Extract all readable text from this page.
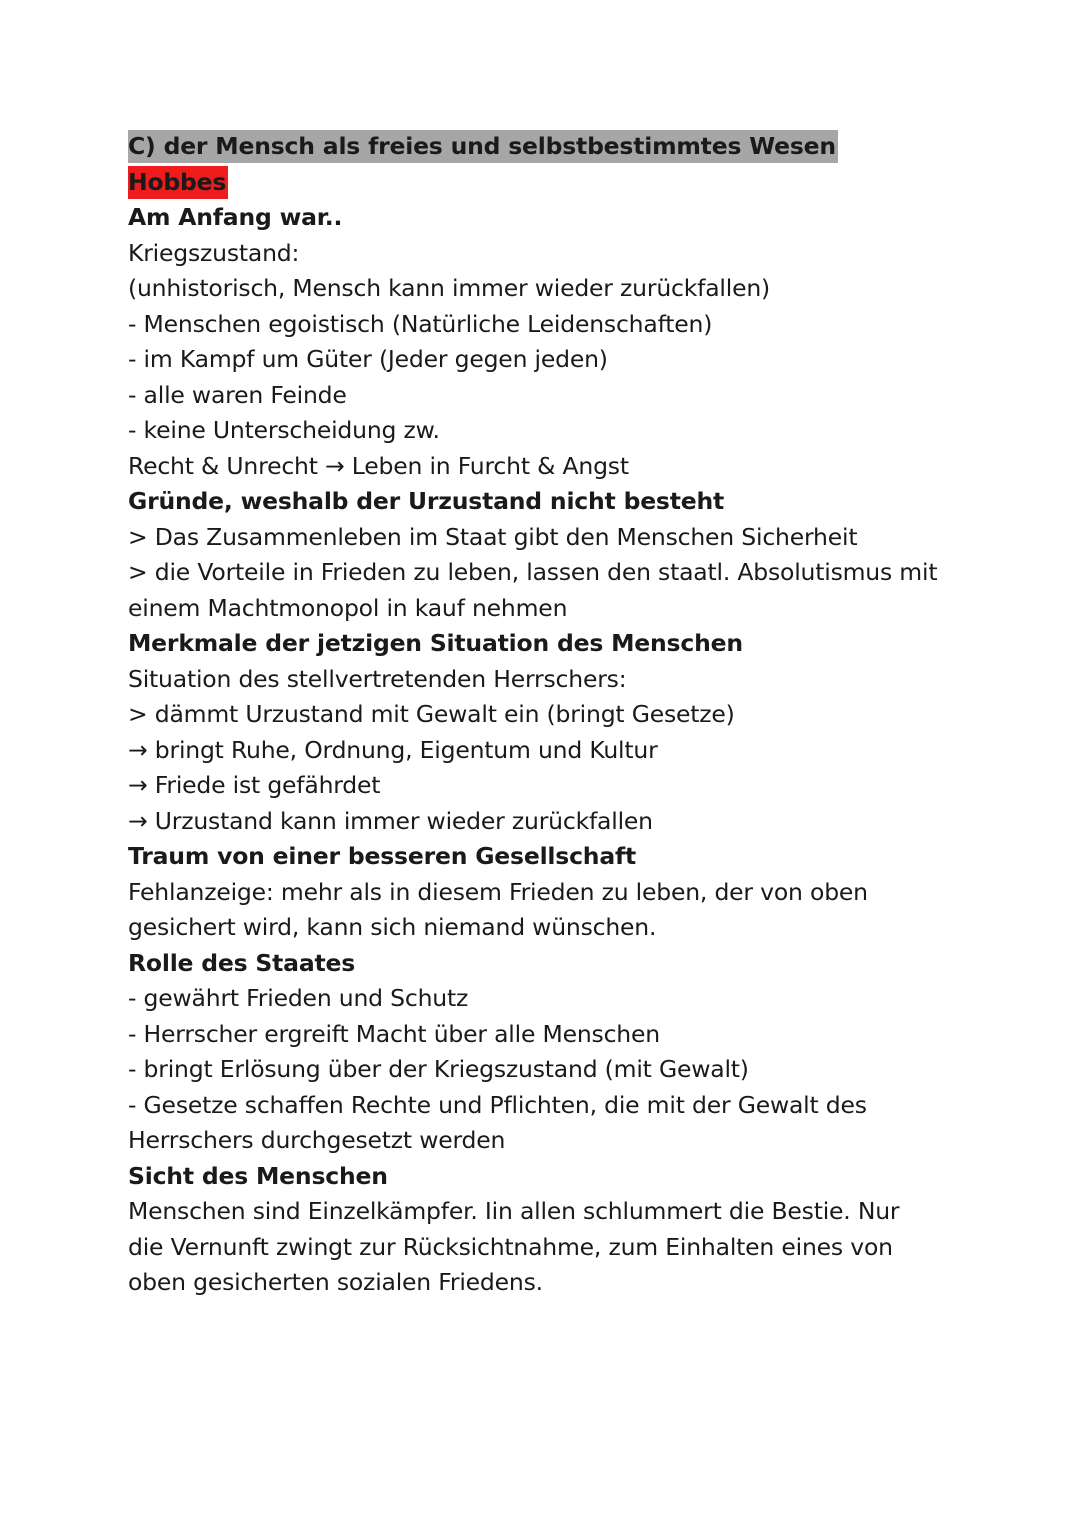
C) der Mensch als freies und selbstbestimmtes Wesen

Hobbes

Am Anfang war..

Kriegszustand:

(unhistorisch, Mensch kann immer wieder zurückfallen)

- Menschen egoistisch (Natürliche Leidenschaften)

- im Kampf um Güter (Jeder gegen jeden)

- alle waren Feinde

- keine Unterscheidung zw.

Recht & Unrecht → Leben in Furcht & Angst

Gründe, weshalb der Urzustand nicht besteht

> Das Zusammenleben im Staat gibt den Menschen Sicherheit

> die Vorteile in Frieden zu leben, lassen den staatl. Absolutismus mit

einem Machtmonopol in kauf nehmen

Merkmale der jetzigen Situation des Menschen

Situation des stellvertretenden Herrschers:

> dämmt Urzustand mit Gewalt ein (bringt Gesetze)

→ bringt Ruhe, Ordnung, Eigentum und Kultur

→ Friede ist gefährdet

→ Urzustand kann immer wieder zurückfallen

Traum von einer besseren Gesellschaft

Fehlanzeige: mehr als in diesem Frieden zu leben, der von oben

gesichert wird, kann sich niemand wünschen.

Rolle des Staates

- gewährt Frieden und Schutz

- Herrscher ergreift Macht über alle Menschen

- bringt Erlösung über der Kriegszustand (mit Gewalt)

- Gesetze schaffen Rechte und Pflichten, die mit der Gewalt des

Herrschers durchgesetzt werden

Sicht des Menschen

Menschen sind Einzelkämpfer. Iin allen schlummert die Bestie. Nur

die Vernunft zwingt zur Rücksichtnahme, zum Einhalten eines von

oben gesicherten sozialen Friedens.
